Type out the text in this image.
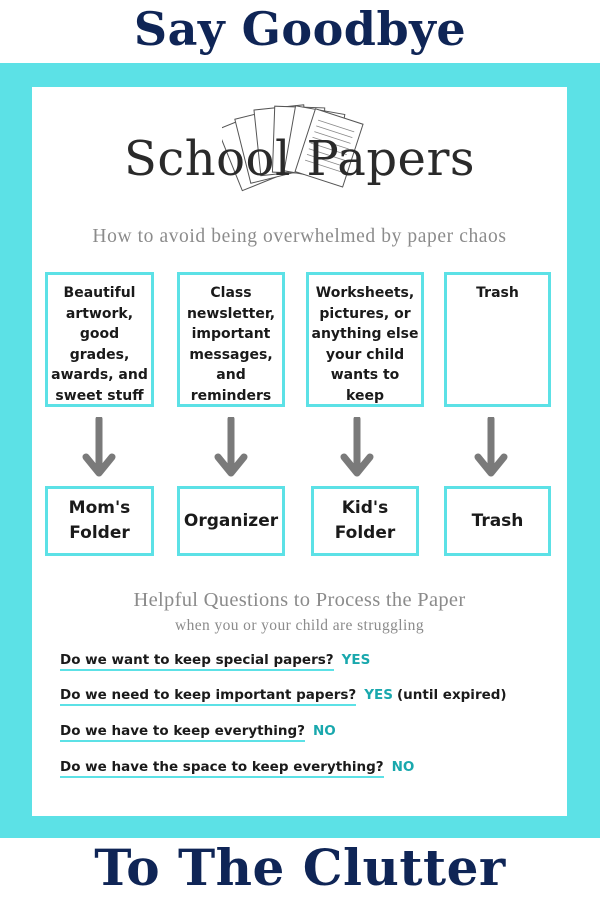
Say Goodbye
School Papers
How to avoid being overwhelmed by paper chaos
Beautiful
artwork,
good grades,
awards, and
sweet stuff
Class
newsletter,
important
messages,
and
reminders
Worksheets,
pictures, or
anything else
your child
wants to
keep
Trash
Mom's
Folder
Organizer
Kid's
Folder
Trash
Helpful Questions to Process the Paper
when you or your child are struggling
Do we want to keep special papers? YES
Do we need to keep important papers? YES (until expired)
Do we have to keep everything? NO
Do we have the space to keep everything? NO
To The Clutter
